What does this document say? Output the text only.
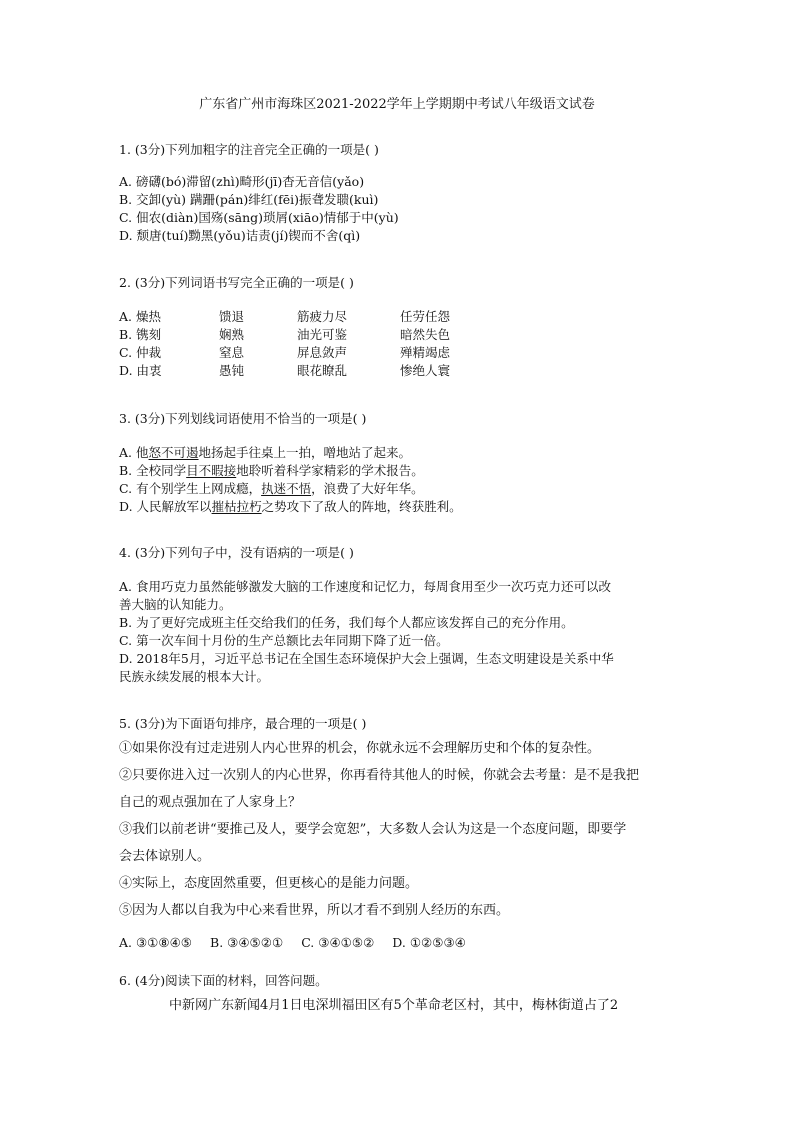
广东省广州市海珠区2021-2022学年上学期期中考试八年级语文试卷
1. (3分)下列加粗字的注音完全正确的一项是( )
A. 磅礴(bó)滞留(zhì)畸形(jī)杳无音信(yǎo)
B. 交卸(yù) 蹒跚(pán)绯红(fēi)振聋发聩(kuì)
C. 佃农(diàn)国殇(sāng)琐屑(xiāo)情郁于中(yù)
D. 颓唐(tuí)黝黑(yǒu)诘责(jí)锲而不舍(qì)
2. (3分)下列词语书写完全正确的一项是( )
A. 燥热	馈退	筋疲力尽	任劳任怨
B. 镌刻	娴熟	油光可鉴	暗然失色
C. 仲裁	窒息	屏息敛声	殚精竭虑
D. 由衷	愚钝	眼花瞭乱	惨绝人寰
3. (3分)下列划线词语使用不恰当的一项是( )
A. 他怒不可遏地扬起手往桌上一拍，噌地站了起来。
B. 全校同学目不暇接地聆听着科学家精彩的学术报告。
C. 有个别学生上网成瘾，执迷不悟，浪费了大好年华。
D. 人民解放军以摧枯拉朽之势攻下了敌人的阵地，终获胜利。
4. (3分)下列句子中，没有语病的一项是( )
A. 食用巧克力虽然能够激发大脑的工作速度和记忆力，每周食用至少一次巧克力还可以改
善大脑的认知能力。
B. 为了更好完成班主任交给我们的任务，我们每个人都应该发挥自己的充分作用。
C. 第一次车间十月份的生产总额比去年同期下降了近一倍。
D. 2018年5月，习近平总书记在全国生态环境保护大会上强调，生态文明建设是关系中华
民族永续发展的根本大计。
5. (3分)为下面语句排序，最合理的一项是( )
①如果你没有过走进别人内心世界的机会，你就永远不会理解历史和个体的复杂性。
②只要你进入过一次别人的内心世界，你再看待其他人的时候，你就会去考量：是不是我把
自己的观点强加在了人家身上？
③我们以前老讲“要推己及人，要学会宽恕”，大多数人会认为这是一个态度问题，即要学
会去体谅别人。
④实际上，态度固然重要，但更核心的是能力问题。
⑤因为人都以自我为中心来看世界，所以才看不到别人经历的东西。
A. ③①⑧④⑤ B. ③④⑤②① C. ③④①⑤② D. ①②⑤③④
6. (4分)阅读下面的材料，回答问题。
中新网广东新闻4月1日电深圳福田区有5个革命老区村，其中，梅林街道占了2
